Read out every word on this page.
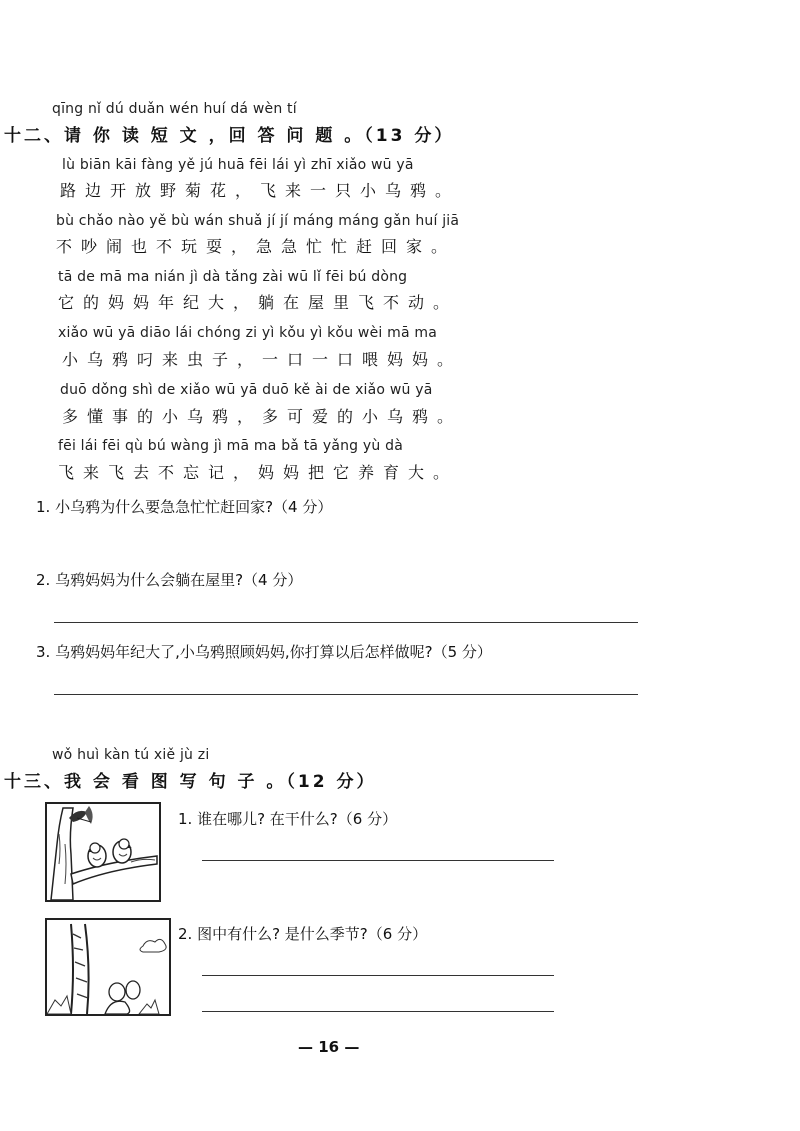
qīng nǐ dú duǎn wén huí dá wèn tí
十二、请 你 读 短 文 ，回 答 问 题 。（13 分）
lù biān kāi fàng yě jú huā fēi lái yì zhī xiǎo wū yā
路边开放野菊花，飞来一只小乌鸦。
bù chǎo nào yě bù wán shuǎ jí jí máng máng gǎn huí jiā
不吵闹也不玩耍，急急忙忙赶回家。
tā de mā ma nián jì dà tǎng zài wū lǐ fēi bú dòng
它的妈妈年纪大，躺在屋里飞不动。
xiǎo wū yā diāo lái chóng zi yì kǒu yì kǒu wèi mā ma
小乌鸦叼来虫子，一口一口喂妈妈。
duō dǒng shì de xiǎo wū yā duō kě ài de xiǎo wū yā
多懂事的小乌鸦，多可爱的小乌鸦。
fēi lái fēi qù bú wàng jì mā ma bǎ tā yǎng yù dà
飞来飞去不忘记，妈妈把它养育大。
1. 小乌鸦为什么要急急忙忙赶回家?（4 分）
2. 乌鸦妈妈为什么会躺在屋里?（4 分）
3. 乌鸦妈妈年纪大了,小乌鸦照顾妈妈,你打算以后怎样做呢?（5 分）
wǒ huì kàn tú xiě jù zi
十三、我 会 看 图 写 句 子 。（12 分）
1. 谁在哪儿? 在干什么?（6 分）
2. 图中有什么? 是什么季节?（6 分）
— 16 —
